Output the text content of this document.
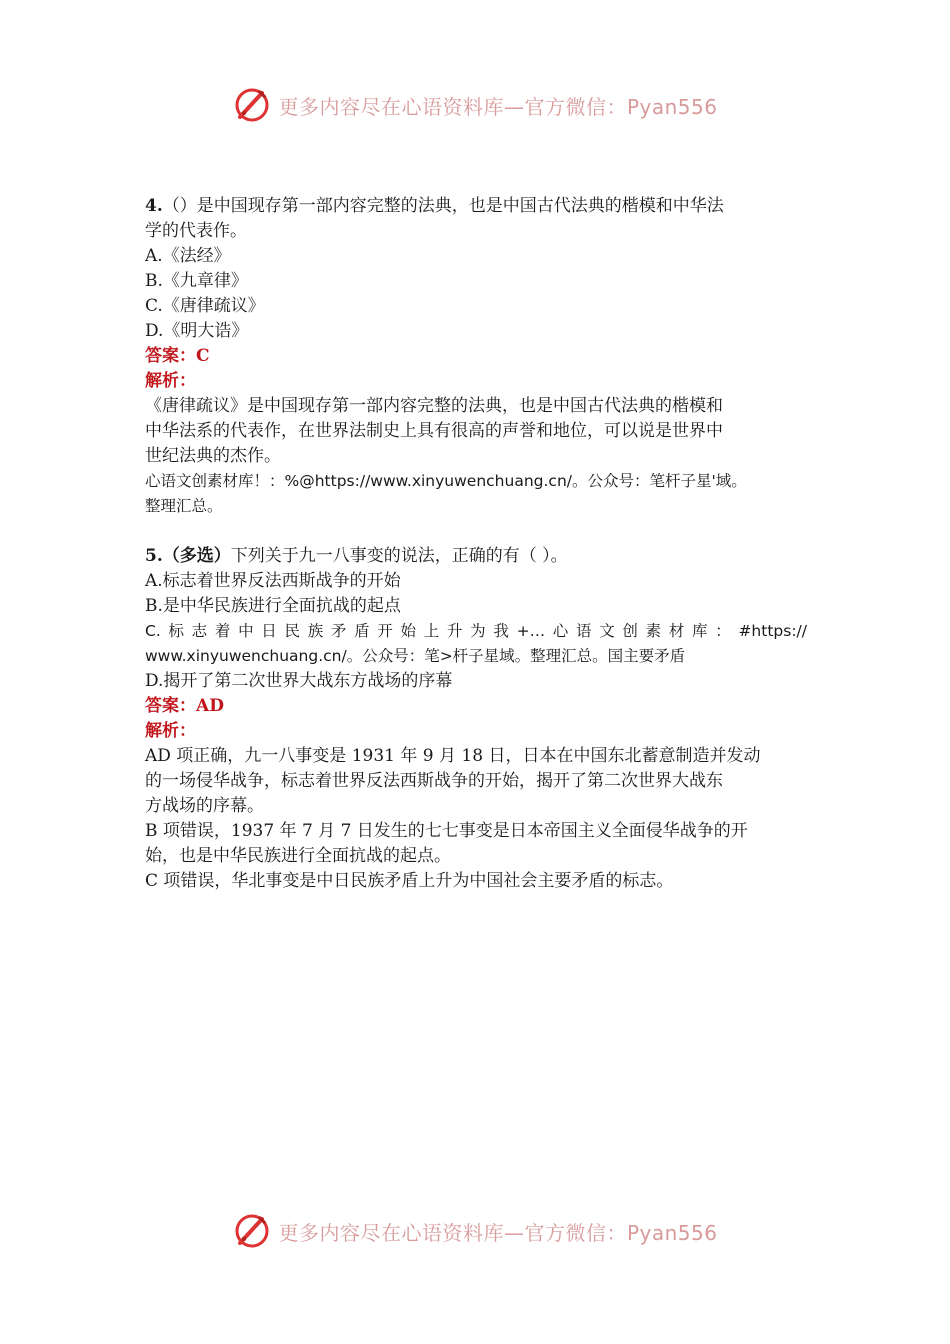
更多内容尽在心语资料库—官方微信：Pyan556
4.（）是中国现存第一部内容完整的法典，也是中国古代法典的楷模和中华法
学的代表作。
A.《法经》
B.《九章律》
C.《唐律疏议》
D.《明大诰》
答案：C
解析：
《唐律疏议》是中国现存第一部内容完整的法典，也是中国古代法典的楷模和
中华法系的代表作，在世界法制史上具有很高的声誉和地位，可以说是世界中
世纪法典的杰作。
心语文创素材库！：%@https://www.xinyuwenchuang.cn/。公众号：笔杆子星'域。
整理汇总。
5.（多选）下列关于九一八事变的说法，正确的有（ ）。
A.标志着世界反法西斯战争的开始
B.是中华民族进行全面抗战的起点
C.标志着中日民族矛盾开始上升为我+…心语文创素材库：#https://
www.xinyuwenchuang.cn/。公众号：笔>杆子星域。整理汇总。国主要矛盾
D.揭开了第二次世界大战东方战场的序幕
答案：AD
解析：
AD 项正确，九一八事变是 1931 年 9 月 18 日，日本在中国东北蓄意制造并发动
的一场侵华战争，标志着世界反法西斯战争的开始，揭开了第二次世界大战东
方战场的序幕。
B 项错误，1937 年 7 月 7 日发生的七七事变是日本帝国主义全面侵华战争的开
始，也是中华民族进行全面抗战的起点。
C 项错误，华北事变是中日民族矛盾上升为中国社会主要矛盾的标志。
更多内容尽在心语资料库—官方微信：Pyan556
